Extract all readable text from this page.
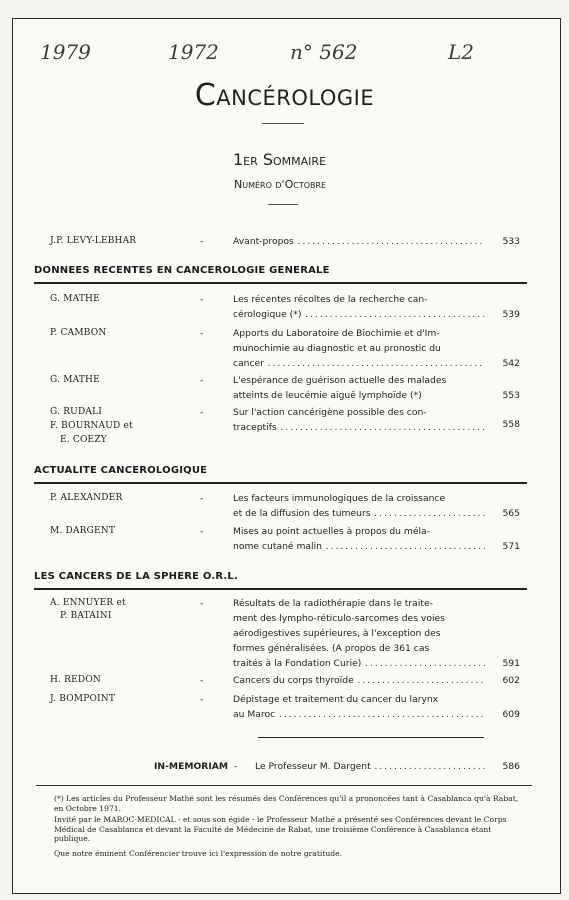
1979	1972	n° 562	L2
Cancérologie
1er Sommaire
Numéro d'Octobre
J.P. LEVY-LEBHAR	-	Avant-propos .....	533
DONNEES RECENTES EN CANCEROLOGIE GENERALE
G. MATHE	-	Les récentes récoltes de la recherche can-
cérologique (*) .....	539
P. CAMBON	-	Apports du Laboratoire de Biochimie et d'Im-
munochimie au diagnostic et au pronostic du
cancer .....	542
G. MATHE	-	L'espérance de guérison actuelle des malades
atteints de leucémie aiguë lymphoïde (*)	553
G. RUDALI
F. BOURNAUD et
E. COEZY
-	Sur l'action cancérigène possible des con-
traceptifs .....	558
ACTUALITE CANCEROLOGIQUE
P. ALEXANDER	-	Les facteurs immunologiques de la croissance
et de la diffusion des tumeurs .....	565
M. DARGENT	-	Mises au point actuelles à propos du méla-
nome cutané malin .....	571
LES CANCERS DE LA SPHERE O.R.L.
A. ENNUYER et
P. BATAINI
-	Résultats de la radiothérapie dans le traite-
ment des lympho-réticulo-sarcomes des voies
aérodigestives supérieures, à l'exception des
formes généralisées. (A propos de 361 cas
traités à la Fondation Curie) .....	591
H. REDON	-	Cancers du corps thyroïde .....	602
J. BOMPOINT	-	Dépistage et traitement du cancer du larynx
au Maroc .....	609
IN-MEMORIAM - Le Professeur M. Dargent .....	586
(*) Les articles du Professeur Mathé sont les résumés des Conférences qu'il a prononcées tant à Casablanca qu'à Rabat, en Octobre 1971.
Invité par le MAROC-MEDICAL - et sous son égide - le Professeur Mathé a présenté ses Conférences devant le Corps Médical de Casablanca et devant la Faculté de Médecine de Rabat, une troisième Conférence à Casablanca étant publique.
Que notre éminent Conférencier trouve ici l'expression de notre gratitude.
